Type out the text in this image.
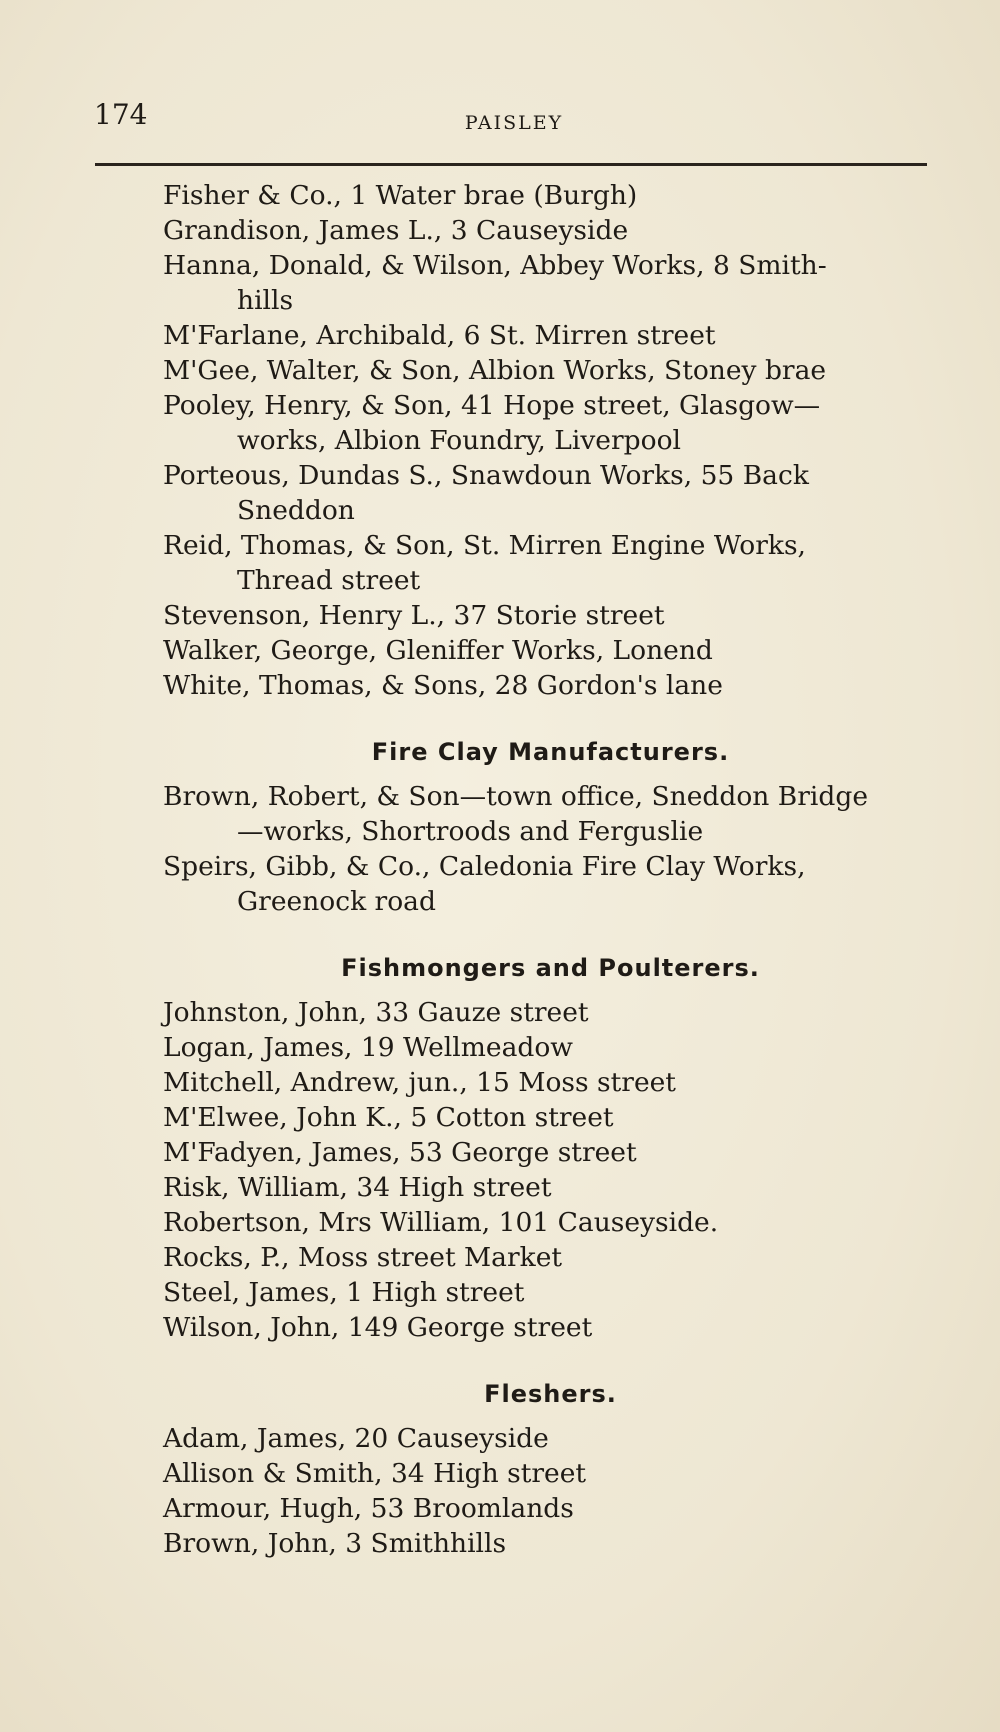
174	PAISLEY
Fisher & Co., 1 Water brae (Burgh)
Grandison, James L., 3 Causeyside
Hanna, Donald, & Wilson, Abbey Works, 8 Smith-
hills
M'Farlane, Archibald, 6 St. Mirren street
M'Gee, Walter, & Son, Albion Works, Stoney brae
Pooley, Henry, & Son, 41 Hope street, Glasgow—
works, Albion Foundry, Liverpool
Porteous, Dundas S., Snawdoun Works, 55 Back
Sneddon
Reid, Thomas, & Son, St. Mirren Engine Works,
Thread street
Stevenson, Henry L., 37 Storie street
Walker, George, Gleniffer Works, Lonend
White, Thomas, & Sons, 28 Gordon's lane
Fire Clay Manufacturers.
Brown, Robert, & Son—town office, Sneddon Bridge
—works, Shortroods and Ferguslie
Speirs, Gibb, & Co., Caledonia Fire Clay Works,
Greenock road
Fishmongers and Poulterers.
Johnston, John, 33 Gauze street
Logan, James, 19 Wellmeadow
Mitchell, Andrew, jun., 15 Moss street
M'Elwee, John K., 5 Cotton street
M'Fadyen, James, 53 George street
Risk, William, 34 High street
Robertson, Mrs William, 101 Causeyside.
Rocks, P., Moss street Market
Steel, James, 1 High street
Wilson, John, 149 George street
Fleshers.
Adam, James, 20 Causeyside
Allison & Smith, 34 High street
Armour, Hugh, 53 Broomlands
Brown, John, 3 Smithhills
